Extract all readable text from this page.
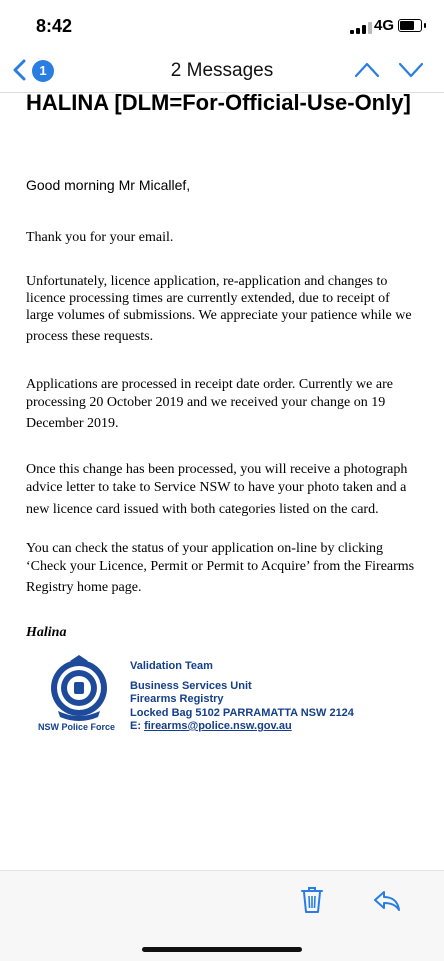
8:42	4G
1	2 Messages
HALINA [DLM=For-Official-Use-Only]
Good morning Mr Micallef,
Thank you for your email.
Unfortunately, licence application, re-application and changes to licence processing times are currently extended, due to receipt of large volumes of submissions. We appreciate your patience while we
process these requests.
Applications are processed in receipt date order. Currently we are processing 20 October 2019 and we received your change on 19
December 2019.
Once this change has been processed, you will receive a photograph advice letter to take to Service NSW to have your photo taken and a
new licence card issued with both categories listed on the card.
You can check the status of your application on-line by clicking ‘Check your Licence, Permit or Permit to Acquire’ from the Firearms
Registry home page.
Halina
NSW Police Force
Validation Team
Business Services Unit
Firearms Registry
Locked Bag 5102 PARRAMATTA NSW 2124
E: firearms@police.nsw.gov.au
